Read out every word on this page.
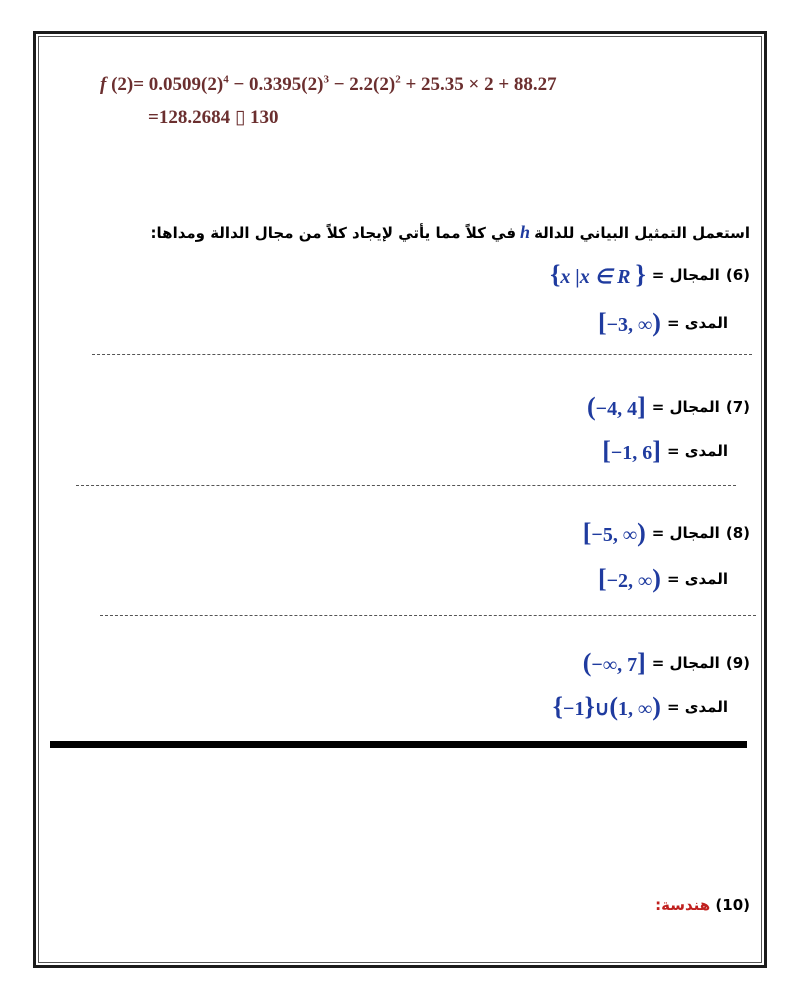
f $(2)= 0.0509(2)^4 - 0.3395(2)^3 - 2.2(2)^2 + 25.35 \times 2 + 88.27$
=128.2684 ▯ 130
استعمل التمثيل البياني للدالةhفي كلاً مما يأتي لإيجاد كلاً من مجال الدالة ومداها:
(6)
المجال =
{x |x ∈ R }
المدى =
[−3, ∞)
(7)
المجال =
(−4, 4]
المدى =
[−1, 6]
(8)
المجال =
[−5, ∞)
المدى =
[−2, ∞)
(9)
المجال =
(−∞, 7]
المدى =
{−1}∪(1, ∞)
(10) هندسة:
